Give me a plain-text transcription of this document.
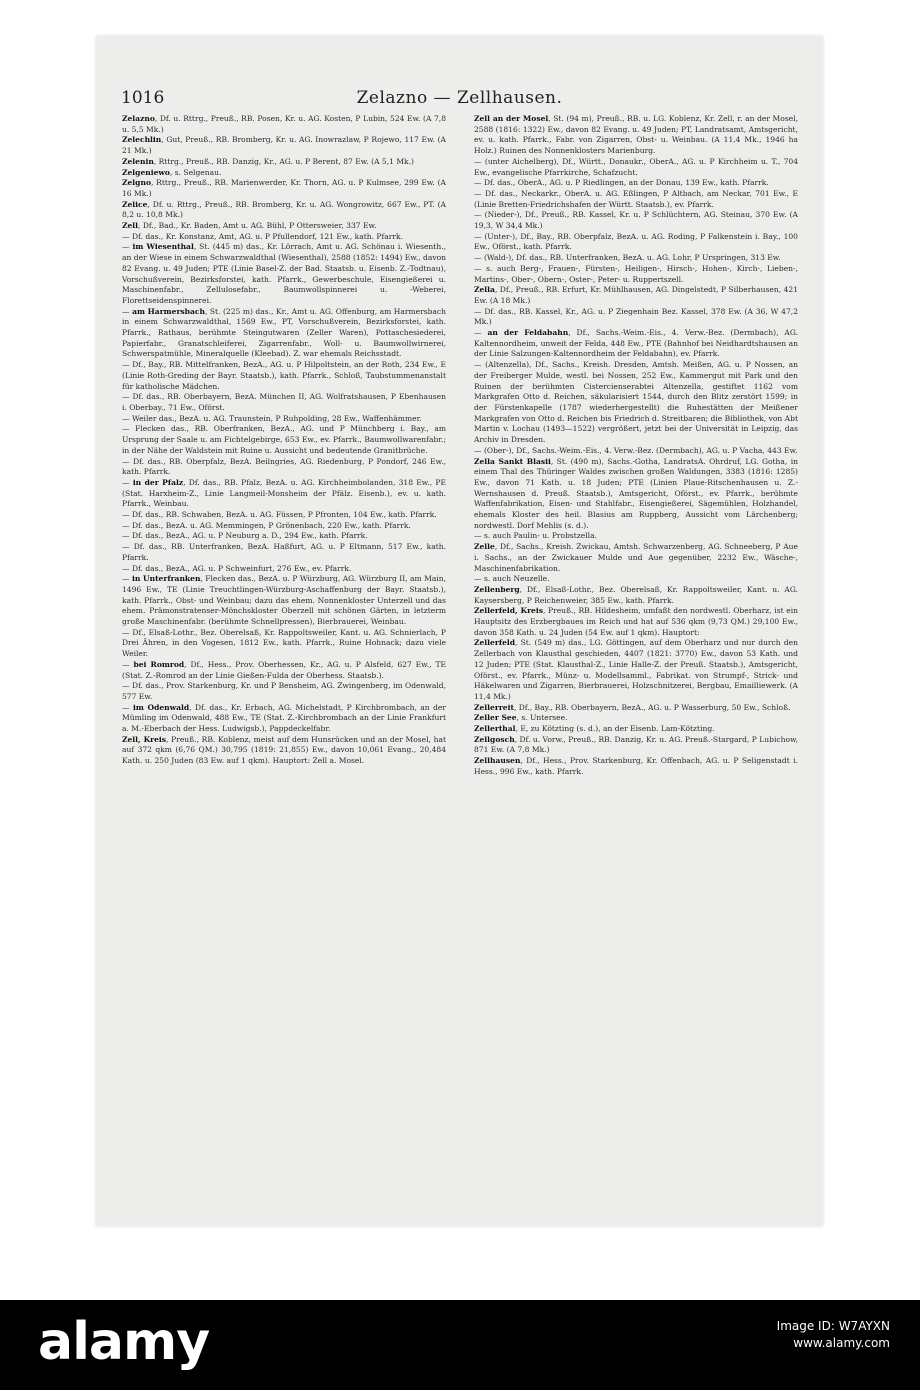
1016	Zelazno — Zellhausen.

Zelazno, Df. u. Rttrg., Preuß., RB. Posen, Kr. u. AG. Kosten, P Lubin, 524 Ew. (A 7,8 u. 5,5 Mk.)

Zelechlin, Gut, Preuß., RB. Bromberg, Kr. u. AG. Inowrazlaw, P Rojewo, 117 Ew. (A 21 Mk.)

Zelenin, Rttrg., Preuß., RB. Danzig, Kr., AG. u. P Berent, 87 Ew. (A 5,1 Mk.)

Zelgeniewo, s. Selgenau.

Zelgno, Rttrg., Preuß., RB. Marienwerder, Kr. Thorn, AG. u. P Kulmsee, 299 Ew. (A 16 Mk.)

Zelice, Df. u. Rttrg., Preuß., RB. Bromberg, Kr. u. AG. Wongrowitz, 667 Ew., PT. (A 8,2 u. 10,8 Mk.)

Zell, Df., Bad., Kr. Baden, Amt u. AG. Bühl, P Ottersweier, 337 Ew.

— Df. das., Kr. Konstanz, Amt, AG. u. P Pfullendorf, 121 Ew., kath. Pfarrk.

— im Wiesenthal, St. (445 m) das., Kr. Lörrach, Amt u. AG. Schönau i. Wiesenth., an der Wiese in einem Schwarzwaldthal (Wiesenthal), 2588 (1852: 1494) Ew., davon 82 Evang. u. 49 Juden; PTE (Linie Basel-Z. der Bad. Staatsb. u. Eisenb. Z.-Todtnau), Vorschußverein, Bezirksforstei, kath. Pfarrk., Gewerbeschule, Eisengießerei u. Maschinenfabr., Zellulosefabr., Baumwollspinnerei u. -Weberei, Florettseidenspinnerei.

— am Harmersbach, St. (225 m) das., Kr., Amt u. AG. Offenburg, am Harmersbach in einem Schwarzwaldthal, 1569 Ew., PT, Vorschußverein, Bezirksforstei, kath. Pfarrk., Rathaus, berühmte Steingutwaren (Zeller Waren), Pottaschesiederei, Papierfabr., Granatschleiferei, Zigarrenfabr., Woll- u. Baumwollwirnerei, Schwerspatmühle, Mineralquelle (Kleebad). Z. war ehemals Reichsstadt.

— Df., Bay., RB. Mittelfranken, BezA., AG. u. P Hilpoltstein, an der Roth, 234 Ew., E (Linie Roth-Greding der Bayr. Staatsb.), kath. Pfarrk., Schloß, Taubstummenanstalt für katholische Mädchen.

— Df. das., RB. Oberbayern, BezA. München II, AG. Wolfratshausen, P Ebenhausen i. Oberbay., 71 Ew., Oförst.

— Weiler das., BezA. u. AG. Traunstein, P Ruhpolding, 28 Ew., Waffenhämmer.

— Flecken das., RB. Oberfranken, BezA., AG. und P Münchberg i. Bay., am Ursprung der Saale u. am Fichtelgebirge, 653 Ew., ev. Pfarrk., Baumwollwarenfabr.; in der Nähe der Waldstein mit Ruine u. Aussicht und bedeutende Granitbrüche.

— Df. das., RB. Oberpfalz, BezA. Beilngries, AG. Riedenburg, P Pondorf, 246 Ew., kath. Pfarrk.

— in der Pfalz, Df. das., RB. Pfalz, BezA. u. AG. Kirchheimbolanden, 318 Ew., PE (Stat. Harxheim-Z., Linie Langmeil-Monsheim der Pfälz. Eisenb.), ev. u. kath. Pfarrk., Weinbau.

— Df. das., RB. Schwaben, BezA. u. AG. Füssen, P Pfronten, 104 Ew., kath. Pfarrk.

— Df. das., BezA. u. AG. Memmingen, P Grönenbach, 220 Ew., kath. Pfarrk.

— Df. das., BezA., AG. u. P Neuburg a. D., 294 Ew., kath. Pfarrk.

— Df. das., RB. Unterfranken, BezA. Haßfurt, AG. u. P Eltmann, 517 Ew., kath. Pfarrk.

— Df. das., BezA., AG. u. P Schweinfurt, 276 Ew., ev. Pfarrk.

— in Unterfranken, Flecken das., BezA. u. P Würzburg, AG. Würzburg II, am Main, 1496 Ew., TE (Linie Treuchtlingen-Würzburg-Aschaffenburg der Bayr. Staatsb.), kath. Pfarrk., Obst- und Weinbau; dazu das ehem. Nonnenkloster Unterzell und das ehem. Prämonstratenser-Mönchskloster Oberzell mit schönen Gärten, in letzterm große Maschinenfabr. (berühmte Schnellpressen), Bierbrauerei, Weinbau.

— Df., Elsaß-Lothr., Bez. Oberelsaß, Kr. Rappoltsweiler, Kant. u. AG. Schnierlach, P Drei Ähren, in den Vogesen, 1812 Ew., kath. Pfarrk., Ruine Hohnack; dazu viele Weiler.

— bei Romrod, Df., Hess., Prov. Oberhessen, Kr., AG. u. P Alsfeld, 627 Ew., TE (Stat. Z.-Romrod an der Linie Gießen-Fulda der Oberhess. Staatsb.).

— Df. das., Prov. Starkenburg, Kr. und P Bensheim, AG. Zwingenberg, im Odenwald, 577 Ew.

— im Odenwald, Df. das., Kr. Erbach, AG. Michelstadt, P Kirchbrombach, an der Mümling im Odenwald, 488 Ew., TE (Stat. Z.-Kirchbrombach an der Linie Frankfurt a. M.-Eberbach der Hess. Ludwigsb.), Pappdeckelfabr.

Zell, Kreis, Preuß., RB. Koblenz, meist auf dem Hunsrücken und an der Mosel, hat auf 372 qkm (6,76 QM.) 30,795 (1819: 21,855) Ew., davon 10,061 Evang., 20,484 Kath. u. 250 Juden (83 Ew. auf 1 qkm). Hauptort: Zell a. Mosel.

Zell an der Mosel, St. (94 m), Preuß., RB. u. LG. Koblenz, Kr. Zell, r. an der Mosel, 2588 (1816: 1322) Ew., davon 82 Evang. u. 49 Juden; PT, Landratsamt, Amtsgericht, ev. u. kath. Pfarrk., Fabr. von Zigarren, Obst- u. Weinbau. (A 11,4 Mk., 1946 ha Holz.) Ruinen des Nonnenklosters Marienburg.

— (unter Aichelberg), Df., Württ., Donaukr., OberA., AG. u. P Kirchheim u. T., 704 Ew., evangelische Pfarrkirche, Schafzucht.

— Df. das., OberA., AG. u. P Riedlingen, an der Donau, 139 Ew., kath. Pfarrk.

— Df. das., Neckarkr., OberA. u. AG. Eßlingen, P Altbach, am Neckar, 701 Ew., E (Linie Bretten-Friedrichshafen der Württ. Staatsb.), ev. Pfarrk.

— (Nieder-), Df., Preuß., RB. Kassel, Kr. u. P Schlüchtern, AG. Steinau, 370 Ew. (A 19,3, W 34,4 Mk.)

— (Unter-), Df., Bay., RB. Oberpfalz, BezA. u. AG. Roding, P Falkenstein i. Bay., 100 Ew., Oförst., kath. Pfarrk.

— (Wald-), Df. das., RB. Unterfranken, BezA. u. AG. Lohr, P Urspringen, 313 Ew.

— s. auch Berg-, Frauen-, Fürsten-, Heiligen-, Hirsch-, Hohen-, Kirch-, Lieben-, Martins-, Ober-, Obern-, Oster-, Peter- u. Ruppertszell.

Zella, Df., Preuß., RB. Erfurt, Kr. Mühlhausen, AG. Dingelstedt, P Silberhausen, 421 Ew. (A 18 Mk.)

— Df. das., RB. Kassel, Kr., AG. u. P Ziegenhain Bez. Kassel, 378 Ew. (A 36, W 47,2 Mk.)

— an der Feldabahn, Df., Sachs.-Weim.-Eis., 4. Verw.-Bez. (Dermbach), AG. Kaltennordheim, unweit der Felda, 448 Ew., PTE (Bahnhof bei Neidhardtshausen an der Linie Salzungen-Kaltennordheim der Feldabahn), ev. Pfarrk.

— (Altenzella), Df., Sachs., Kreish. Dresden, Amtsh. Meißen, AG. u. P Nossen, an der Freiberger Mulde, westl. bei Nossen, 252 Ew., Kammergut mit Park und den Ruinen der berühmten Cistercienserabtei Altenzella, gestiftet 1162 vom Markgrafen Otto d. Reichen, säkularisiert 1544, durch den Blitz zerstört 1599; in der Fürstenkapelle (1787 wiederhergestellt) die Ruhestätten der Meißener Markgrafen von Otto d. Reichen bis Friedrich d. Streitbaren; die Bibliothek, von Abt Martin v. Lochau (1493—1522) vergrößert, jetzt bei der Universität in Leipzig, das Archiv in Dresden.

— (Ober-), Df., Sachs.-Weim.-Eis., 4. Verw.-Bez. (Dermbach), AG. u. P Vacha, 443 Ew.

Zella Sankt Blasii, St. (490 m), Sachs.-Gotha, LandratsA. Ohrdruf, LG. Gotha, in einem Thal des Thüringer Waldes zwischen großen Waldungen, 3383 (1816: 1285) Ew., davon 71 Kath. u. 18 Juden; PTE (Linien Plaue-Ritschenhausen u. Z.-Wernshausen d. Preuß. Staatsb.), Amtsgericht, Oförst., ev. Pfarrk., berühmte Waffenfabrikation, Eisen- und Stahlfabr., Eisengießerei, Sägemühlen, Holzhandel, ehemals Kloster des heil. Blasius am Ruppberg, Aussicht vom Lärchenberg; nordwestl. Dorf Mehlis (s. d.).

— s. auch Paulin- u. Probstzella.

Zelle, Df., Sachs., Kreish. Zwickau, Amtsh. Schwarzenberg, AG. Schneeberg, P Aue i. Sachs., an der Zwickauer Mulde und Aue gegenüber, 2232 Ew., Wäsche-, Maschinenfabrikation.

— s. auch Neuzelle.

Zellenberg, Df., Elsaß-Lothr., Bez. Oberelsaß, Kr. Rappoltsweiler, Kant. u. AG. Kaysersberg, P Reichenweier, 385 Ew., kath. Pfarrk.

Zellerfeld, Kreis, Preuß., RB. Hildesheim, umfaßt den nordwestl. Oberharz, ist ein Hauptsitz des Erzbergbaues im Reich und hat auf 536 qkm (9,73 QM.) 29,100 Ew., davon 358 Kath. u. 24 Juden (54 Ew. auf 1 qkm). Hauptort:

Zellerfeld, St. (549 m) das., LG. Göttingen, auf dem Oberharz und nur durch den Zellerbach von Klausthal geschieden, 4407 (1821: 3770) Ew., davon 53 Kath. und 12 Juden; PTE (Stat. Klausthal-Z., Linie Halle-Z. der Preuß. Staatsb.), Amtsgericht, Oförst., ev. Pfarrk., Münz- u. Modellsamml., Fabrikat. von Strumpf-, Strick- und Häkelwaren und Zigarren, Bierbrauerei, Holzschnitzerei, Bergbau, Emailliewerk. (A 11,4 Mk.)

Zellerreit, Df., Bay., RB. Oberbayern, BezA., AG. u. P Wasserburg, 50 Ew., Schloß.

Zeller See, s. Untersee.

Zellerthal, E, zu Kötzting (s. d.), an der Eisenb. Lam-Kötzting.

Zellgosch, Df. u. Vorw., Preuß., RB. Danzig, Kr. u. AG. Preuß.-Stargard, P Lubichow, 871 Ew. (A 7,8 Mk.)

Zellhausen, Df., Hess., Prov. Starkenburg, Kr. Offenbach, AG. u. P Seligenstadt i. Hess., 996 Ew., kath. Pfarrk.

alamy	Image ID: W7AYXN
www.alamy.com
